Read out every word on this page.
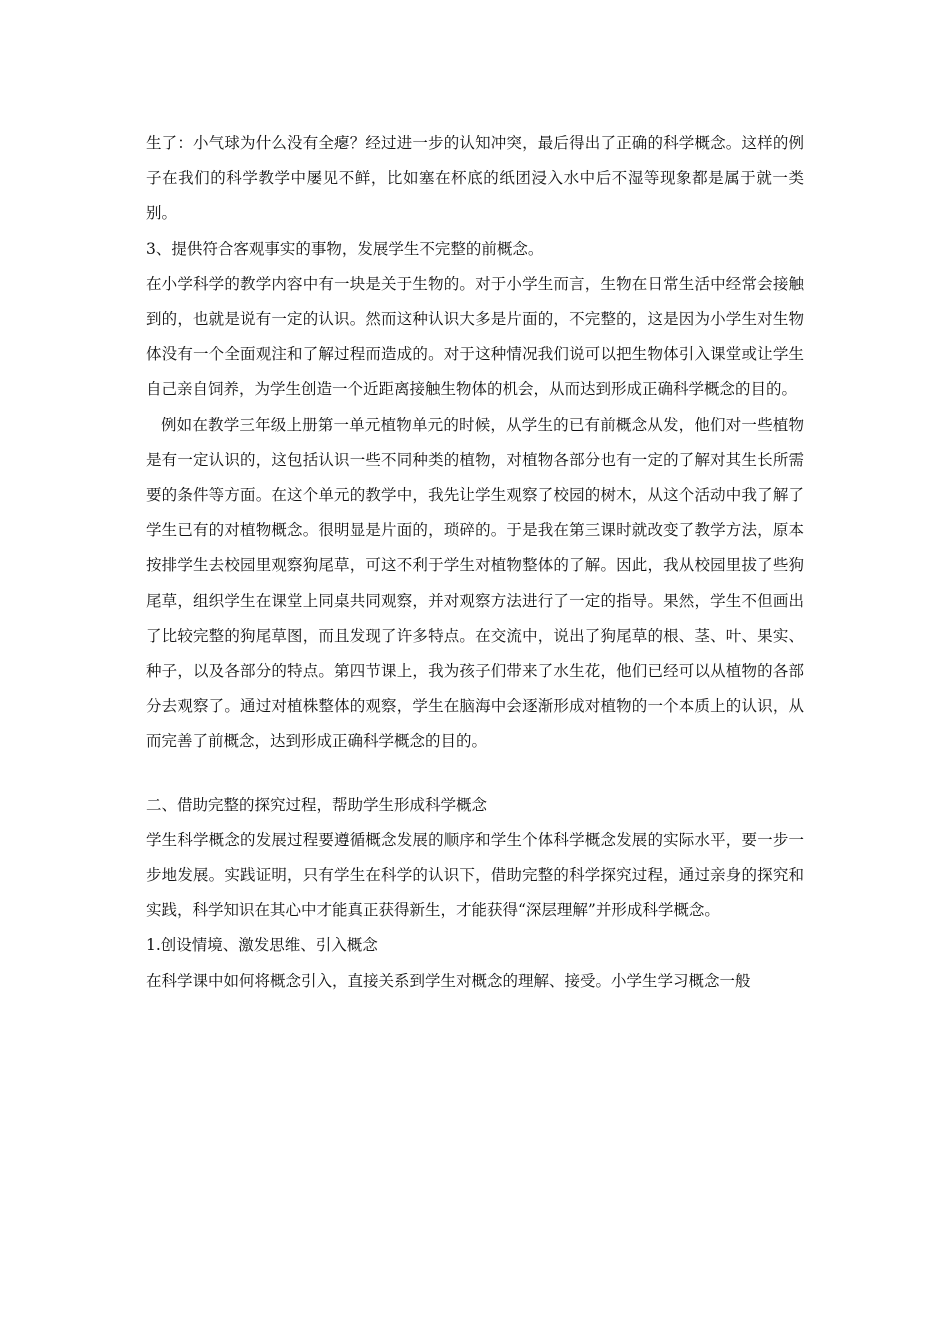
生了：小气球为什么没有全瘪？经过进一步的认知冲突，最后得出了正确的科学概念。这样的例子在我们的科学教学中屡见不鲜，比如塞在杯底的纸团浸入水中后不湿等现象都是属于就一类别。

3、提供符合客观事实的事物，发展学生不完整的前概念。

在小学科学的教学内容中有一块是关于生物的。对于小学生而言，生物在日常生活中经常会接触到的，也就是说有一定的认识。然而这种认识大多是片面的，不完整的，这是因为小学生对生物体没有一个全面观注和了解过程而造成的。对于这种情况我们说可以把生物体引入课堂或让学生自己亲自饲养，为学生创造一个近距离接触生物体的机会，从而达到形成正确科学概念的目的。

例如在教学三年级上册第一单元植物单元的时候，从学生的已有前概念从发，他们对一些植物是有一定认识的，这包括认识一些不同种类的植物，对植物各部分也有一定的了解对其生长所需要的条件等方面。在这个单元的教学中，我先让学生观察了校园的树木，从这个活动中我了解了学生已有的对植物概念。很明显是片面的，琐碎的。于是我在第三课时就改变了教学方法，原本按排学生去校园里观察狗尾草，可这不利于学生对植物整体的了解。因此，我从校园里拔了些狗尾草，组织学生在课堂上同桌共同观察，并对观察方法进行了一定的指导。果然，学生不但画出了比较完整的狗尾草图，而且发现了许多特点。在交流中，说出了狗尾草的根、茎、叶、果实、种子，以及各部分的特点。第四节课上，我为孩子们带来了水生花，他们已经可以从植物的各部分去观察了。通过对植株整体的观察，学生在脑海中会逐渐形成对植物的一个本质上的认识，从而完善了前概念，达到形成正确科学概念的目的。

二、借助完整的探究过程，帮助学生形成科学概念

学生科学概念的发展过程要遵循概念发展的顺序和学生个体科学概念发展的实际水平，要一步一步地发展。实践证明，只有学生在科学的认识下，借助完整的科学探究过程，通过亲身的探究和实践，科学知识在其心中才能真正获得新生，才能获得“深层理解”并形成科学概念。

1.创设情境、激发思维、引入概念

在科学课中如何将概念引入，直接关系到学生对概念的理解、接受。小学生学习概念一般
